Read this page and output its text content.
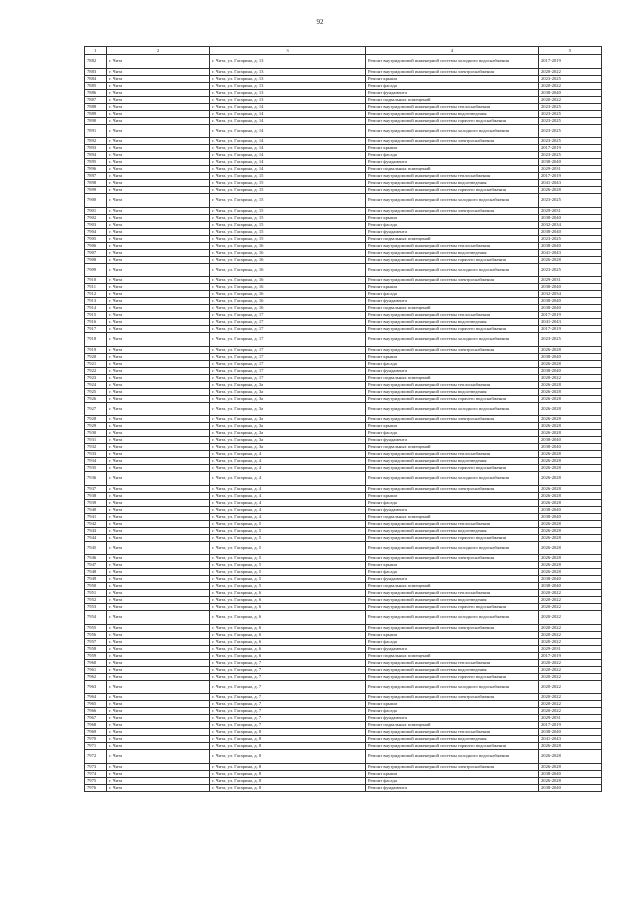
92
1	2	3	4	5
7882	г. Чита	г. Чита, ул. Гагарина, д. 13	Ремонт внутридомовой инженерной системы холодного водоснабжения	2017-2019
7883	г. Чита	г. Чита, ул. Гагарина, д. 13	Ремонт внутридомовой инженерной системы электроснабжения	2020-2022
7884	г. Чита	г. Чита, ул. Гагарина, д. 13	Ремонт крыши	2023-2025
7885	г. Чита	г. Чита, ул. Гагарина, д. 13	Ремонт фасада	2020-2022
7886	г. Чита	г. Чита, ул. Гагарина, д. 13	Ремонт фундамента	2038-2040
7887	г. Чита	г. Чита, ул. Гагарина, д. 13	Ремонт подвальных помещений	2020-2022
7888	г. Чита	г. Чита, ул. Гагарина, д. 14	Ремонт внутридомовой инженерной системы теплоснабжения	2023-2025
7889	г. Чита	г. Чита, ул. Гагарина, д. 14	Ремонт внутридомовой инженерной системы водоотведения	2023-2025
7890	г. Чита	г. Чита, ул. Гагарина, д. 14	Ремонт внутридомовой инженерной системы горячего водоснабжения	2023-2025
7891	г. Чита	г. Чита, ул. Гагарина, д. 14	Ремонт внутридомовой инженерной системы холодного водоснабжения	2023-2025
7892	г. Чита	г. Чита, ул. Гагарина, д. 14	Ремонт внутридомовой инженерной системы электроснабжения	2023-2025
7893	г. Чита	г. Чита, ул. Гагарина, д. 14	Ремонт крыши	2017-2019
7894	г. Чита	г. Чита, ул. Гагарина, д. 14	Ремонт фасада	2023-2025
7895	г. Чита	г. Чита, ул. Гагарина, д. 14	Ремонт фундамента	2038-2040
7896	г. Чита	г. Чита, ул. Гагарина, д. 14	Ремонт подвальных помещений	2029-2031
7897	г. Чита	г. Чита, ул. Гагарина, д. 15	Ремонт внутридомовой инженерной системы теплоснабжения	2017-2019
7898	г. Чита	г. Чита, ул. Гагарина, д. 15	Ремонт внутридомовой инженерной системы водоотведения	2041-2043
7899	г. Чита	г. Чита, ул. Гагарина, д. 15	Ремонт внутридомовой инженерной системы горячего водоснабжения	2026-2028
7900	г. Чита	г. Чита, ул. Гагарина, д. 15	Ремонт внутридомовой инженерной системы холодного водоснабжения	2023-2025
7901	г. Чита	г. Чита, ул. Гагарина, д. 15	Ремонт внутридомовой инженерной системы электроснабжения	2029-2031
7902	г. Чита	г. Чита, ул. Гагарина, д. 15	Ремонт крыши	2038-2040
7903	г. Чита	г. Чита, ул. Гагарина, д. 15	Ремонт фасада	2032-2034
7904	г. Чита	г. Чита, ул. Гагарина, д. 15	Ремонт фундамента	2038-2040
7905	г. Чита	г. Чита, ул. Гагарина, д. 15	Ремонт подвальных помещений	2023-2025
7906	г. Чита	г. Чита, ул. Гагарина, д. 16	Ремонт внутридомовой инженерной системы теплоснабжения	2038-2040
7907	г. Чита	г. Чита, ул. Гагарина, д. 16	Ремонт внутридомовой инженерной системы водоотведения	2041-2043
7908	г. Чита	г. Чита, ул. Гагарина, д. 16	Ремонт внутридомовой инженерной системы горячего водоснабжения	2026-2028
7909	г. Чита	г. Чита, ул. Гагарина, д. 16	Ремонт внутридомовой инженерной системы холодного водоснабжения	2023-2025
7910	г. Чита	г. Чита, ул. Гагарина, д. 16	Ремонт внутридомовой инженерной системы электроснабжения	2029-2031
7911	г. Чита	г. Чита, ул. Гагарина, д. 16	Ремонт крыши	2038-2040
7912	г. Чита	г. Чита, ул. Гагарина, д. 16	Ремонт фасада	2032-2034
7913	г. Чита	г. Чита, ул. Гагарина, д. 16	Ремонт фундамента	2038-2040
7914	г. Чита	г. Чита, ул. Гагарина, д. 16	Ремонт подвальных помещений	2038-2040
7915	г. Чита	г. Чита, ул. Гагарина, д. 17	Ремонт внутридомовой инженерной системы теплоснабжения	2017-2019
7916	г. Чита	г. Чита, ул. Гагарина, д. 17	Ремонт внутридомовой инженерной системы водоотведения	2041-2043
7917	г. Чита	г. Чита, ул. Гагарина, д. 17	Ремонт внутридомовой инженерной системы горячего водоснабжения	2017-2019
7918	г. Чита	г. Чита, ул. Гагарина, д. 17	Ремонт внутридомовой инженерной системы холодного водоснабжения	2023-2025
7919	г. Чита	г. Чита, ул. Гагарина, д. 17	Ремонт внутридомовой инженерной системы электроснабжения	2026-2028
7920	г. Чита	г. Чита, ул. Гагарина, д. 17	Ремонт крыши	2038-2040
7921	г. Чита	г. Чита, ул. Гагарина, д. 17	Ремонт фасада	2026-2028
7922	г. Чита	г. Чита, ул. Гагарина, д. 17	Ремонт фундамента	2038-2040
7923	г. Чита	г. Чита, ул. Гагарина, д. 17	Ремонт подвальных помещений	2020-2022
7924	г. Чита	г. Чита, ул. Гагарина, д. 3а	Ремонт внутридомовой инженерной системы теплоснабжения	2026-2028
7925	г. Чита	г. Чита, ул. Гагарина, д. 3а	Ремонт внутридомовой инженерной системы водоотведения	2026-2028
7926	г. Чита	г. Чита, ул. Гагарина, д. 3а	Ремонт внутридомовой инженерной системы горячего водоснабжения	2026-2028
7927	г. Чита	г. Чита, ул. Гагарина, д. 3а	Ремонт внутридомовой инженерной системы холодного водоснабжения	2026-2028
7928	г. Чита	г. Чита, ул. Гагарина, д. 3а	Ремонт внутридомовой инженерной системы электроснабжения	2026-2028
7929	г. Чита	г. Чита, ул. Гагарина, д. 3а	Ремонт крыши	2026-2028
7930	г. Чита	г. Чита, ул. Гагарина, д. 3а	Ремонт фасада	2026-2028
7931	г. Чита	г. Чита, ул. Гагарина, д. 3а	Ремонт фундамента	2038-2040
7932	г. Чита	г. Чита, ул. Гагарина, д. 3а	Ремонт подвальных помещений	2038-2040
7933	г. Чита	г. Чита, ул. Гагарина, д. 4	Ремонт внутридомовой инженерной системы теплоснабжения	2026-2028
7934	г. Чита	г. Чита, ул. Гагарина, д. 4	Ремонт внутридомовой инженерной системы водоотведения	2026-2028
7935	г. Чита	г. Чита, ул. Гагарина, д. 4	Ремонт внутридомовой инженерной системы горячего водоснабжения	2026-2028
7936	г. Чита	г. Чита, ул. Гагарина, д. 4	Ремонт внутридомовой инженерной системы холодного водоснабжения	2026-2028
7937	г. Чита	г. Чита, ул. Гагарина, д. 4	Ремонт внутридомовой инженерной системы электроснабжения	2026-2028
7938	г. Чита	г. Чита, ул. Гагарина, д. 4	Ремонт крыши	2026-2028
7939	г. Чита	г. Чита, ул. Гагарина, д. 4	Ремонт фасада	2026-2028
7940	г. Чита	г. Чита, ул. Гагарина, д. 4	Ремонт фундамента	2038-2040
7941	г. Чита	г. Чита, ул. Гагарина, д. 4	Ремонт подвальных помещений	2038-2040
7942	г. Чита	г. Чита, ул. Гагарина, д. 5	Ремонт внутридомовой инженерной системы теплоснабжения	2026-2028
7943	г. Чита	г. Чита, ул. Гагарина, д. 5	Ремонт внутридомовой инженерной системы водоотведения	2026-2028
7944	г. Чита	г. Чита, ул. Гагарина, д. 5	Ремонт внутридомовой инженерной системы горячего водоснабжения	2026-2028
7945	г. Чита	г. Чита, ул. Гагарина, д. 5	Ремонт внутридомовой инженерной системы холодного водоснабжения	2026-2028
7946	г. Чита	г. Чита, ул. Гагарина, д. 5	Ремонт внутридомовой инженерной системы электроснабжения	2026-2028
7947	г. Чита	г. Чита, ул. Гагарина, д. 5	Ремонт крыши	2026-2028
7948	г. Чита	г. Чита, ул. Гагарина, д. 5	Ремонт фасада	2026-2028
7949	г. Чита	г. Чита, ул. Гагарина, д. 5	Ремонт фундамента	2038-2040
7950	г. Чита	г. Чита, ул. Гагарина, д. 5	Ремонт подвальных помещений	2038-2040
7951	г. Чита	г. Чита, ул. Гагарина, д. 6	Ремонт внутридомовой инженерной системы теплоснабжения	2020-2022
7952	г. Чита	г. Чита, ул. Гагарина, д. 6	Ремонт внутридомовой инженерной системы водоотведения	2020-2022
7953	г. Чита	г. Чита, ул. Гагарина, д. 6	Ремонт внутридомовой инженерной системы горячего водоснабжения	2020-2022
7954	г. Чита	г. Чита, ул. Гагарина, д. 6	Ремонт внутридомовой инженерной системы холодного водоснабжения	2020-2022
7955	г. Чита	г. Чита, ул. Гагарина, д. 6	Ремонт внутридомовой инженерной системы электроснабжения	2020-2022
7956	г. Чита	г. Чита, ул. Гагарина, д. 6	Ремонт крыши	2020-2022
7957	г. Чита	г. Чита, ул. Гагарина, д. 6	Ремонт фасада	2020-2022
7958	г. Чита	г. Чита, ул. Гагарина, д. 6	Ремонт фундамента	2029-2031
7959	г. Чита	г. Чита, ул. Гагарина, д. 6	Ремонт подвальных помещений	2017-2019
7960	г. Чита	г. Чита, ул. Гагарина, д. 7	Ремонт внутридомовой инженерной системы теплоснабжения	2020-2022
7961	г. Чита	г. Чита, ул. Гагарина, д. 7	Ремонт внутридомовой инженерной системы водоотведения	2020-2022
7962	г. Чита	г. Чита, ул. Гагарина, д. 7	Ремонт внутридомовой инженерной системы горячего водоснабжения	2020-2022
7963	г. Чита	г. Чита, ул. Гагарина, д. 7	Ремонт внутридомовой инженерной системы холодного водоснабжения	2020-2022
7964	г. Чита	г. Чита, ул. Гагарина, д. 7	Ремонт внутридомовой инженерной системы электроснабжения	2020-2022
7965	г. Чита	г. Чита, ул. Гагарина, д. 7	Ремонт крыши	2020-2022
7966	г. Чита	г. Чита, ул. Гагарина, д. 7	Ремонт фасада	2020-2022
7967	г. Чита	г. Чита, ул. Гагарина, д. 7	Ремонт фундамента	2029-2031
7968	г. Чита	г. Чита, ул. Гагарина, д. 7	Ремонт подвальных помещений	2017-2019
7969	г. Чита	г. Чита, ул. Гагарина, д. 8	Ремонт внутридомовой инженерной системы теплоснабжения	2038-2040
7970	г. Чита	г. Чита, ул. Гагарина, д. 8	Ремонт внутридомовой инженерной системы водоотведения	2041-2043
7971	г. Чита	г. Чита, ул. Гагарина, д. 8	Ремонт внутридомовой инженерной системы горячего водоснабжения	2026-2028
7972	г. Чита	г. Чита, ул. Гагарина, д. 8	Ремонт внутридомовой инженерной системы холодного водоснабжения	2026-2028
7973	г. Чита	г. Чита, ул. Гагарина, д. 8	Ремонт внутридомовой инженерной системы электроснабжения	2026-2028
7974	г. Чита	г. Чита, ул. Гагарина, д. 8	Ремонт крыши	2038-2040
7975	г. Чита	г. Чита, ул. Гагарина, д. 8	Ремонт фасада	2026-2028
7976	г. Чита	г. Чита, ул. Гагарина, д. 8	Ремонт фундамента	2038-2040
